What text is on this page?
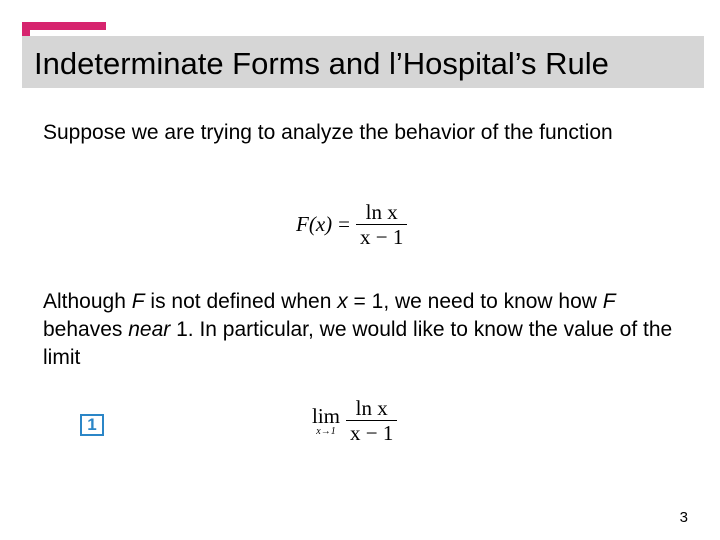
Indeterminate Forms and l’Hospital’s Rule
Suppose we are trying to analyze the behavior of the function
$F(x) = \frac{\text{ln x}}{x - 1}$
Although F is not defined when x = 1, we need to know how F behaves near 1. In particular, we would like to know the value of the limit
1	lim
$x\to 1 \frac{\text{ln x}}{x - 1}$
3
